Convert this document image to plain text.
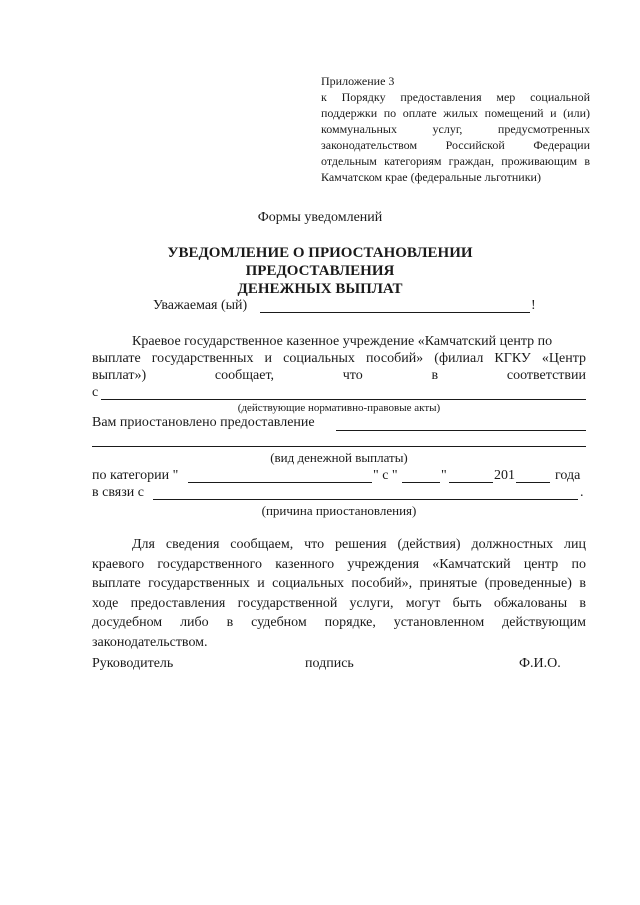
Приложение 3
к Порядку предоставления мер социальной
поддержки по оплате жилых помещений и (или)
коммунальных услуг, предусмотренных
законодательством Российской Федерации
отдельным категориям граждан, проживающим в
Камчатском крае (федеральные льготники)
Формы уведомлений
УВЕДОМЛЕНИЕ О ПРИОСТАНОВЛЕНИИ ПРЕДОСТАВЛЕНИЯ
ДЕНЕЖНЫХ ВЫПЛАТ
Уважаемая (ый)	!
Краевое государственное казенное учреждение «Камчатский центр по
выплате государственных и социальных пособий» (филиал КГКУ «Центр
выплат») сообщает, что в соответствии
с
(действующие нормативно-правовые акты)
Вам приостановлено предоставление
(вид денежной выплаты)
по категории "	" с "	"	201	года
в связи с	.
(причина приостановления)
Для сведения сообщаем, что решения (действия) должностных лиц
краевого государственного казенного учреждения «Камчатский центр по
выплате государственных и социальных пособий», принятые (проведенные) в
ходе предоставления государственной услуги, могут быть обжалованы в
досудебном либо в судебном порядке, установленном действующим
законодательством.
Руководитель	подпись	Ф.И.О.
